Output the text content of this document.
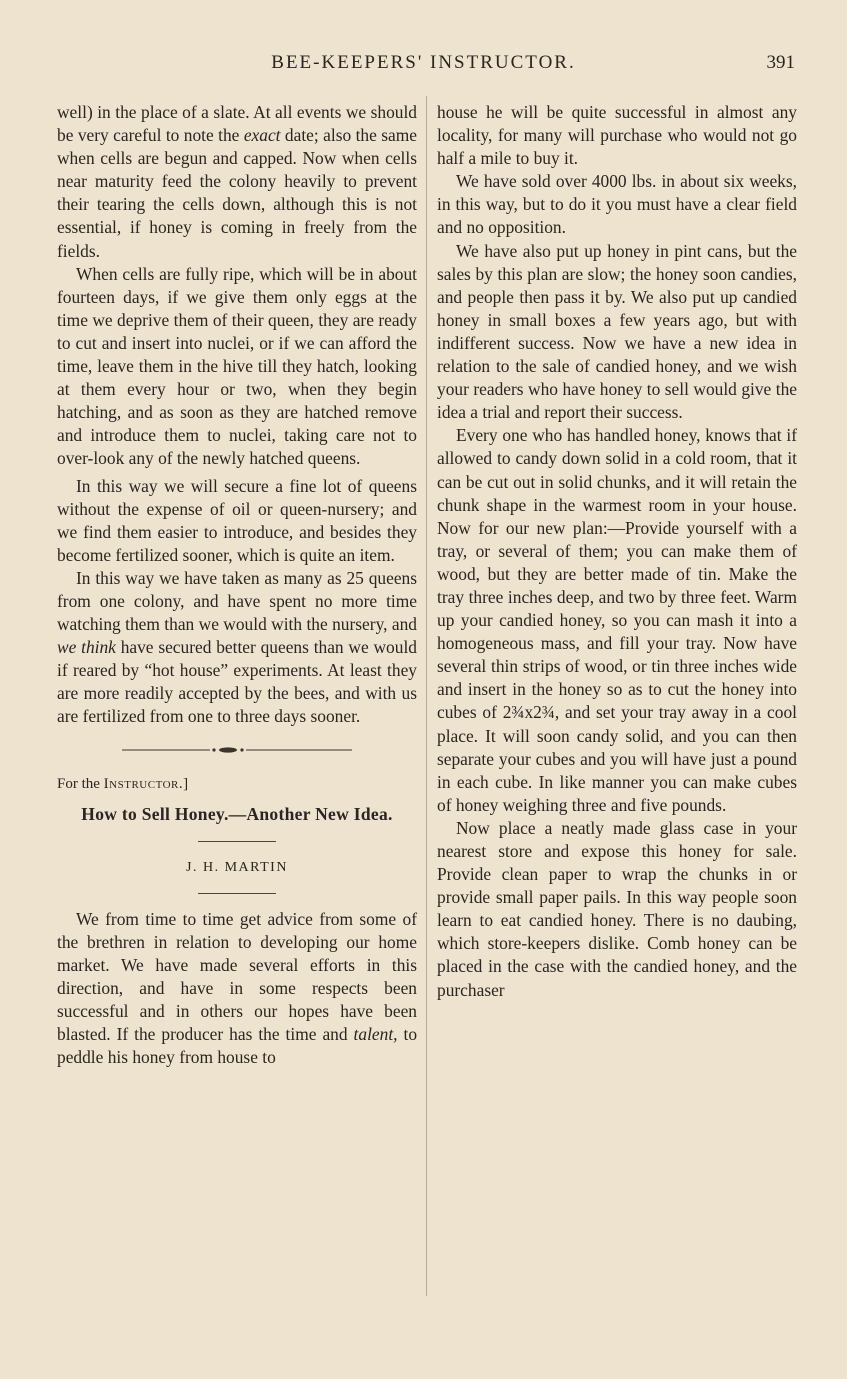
BEE-KEEPERS' INSTRUCTOR.	391

well) in the place of a slate. At all events we should be very careful to note the exact date; also the same when cells are begun and capped. Now when cells near maturity feed the colony heavily to prevent their tearing the cells down, although this is not essential, if honey is coming in freely from the fields.

When cells are fully ripe, which will be in about fourteen days, if we give them only eggs at the time we deprive them of their queen, they are ready to cut and insert into nuclei, or if we can afford the time, leave them in the hive till they hatch, looking at them every hour or two, when they begin hatching, and as soon as they are hatched remove and introduce them to nuclei, taking care not to over-look any of the newly hatched queens.

In this way we will secure a fine lot of queens without the expense of oil or queen-nursery; and we find them easier to introduce, and besides they become fertilized sooner, which is quite an item.

In this way we have taken as many as 25 queens from one colony, and have spent no more time watching them than we would with the nursery, and we think have secured better queens than we would if reared by “hot house” experiments. At least they are more readily accepted by the bees, and with us are fertilized from one to three days sooner.

For the Instructor.]

How to Sell Honey.—Another New Idea.

J. H. MARTIN

We from time to time get advice from some of the brethren in relation to developing our home market. We have made several efforts in this direction, and have in some respects been successful and in others our hopes have been blasted. If the producer has the time and talent, to peddle his honey from house to

house he will be quite successful in almost any locality, for many will purchase who would not go half a mile to buy it.

We have sold over 4000 lbs. in about six weeks, in this way, but to do it you must have a clear field and no opposition.

We have also put up honey in pint cans, but the sales by this plan are slow; the honey soon candies, and people then pass it by. We also put up candied honey in small boxes a few years ago, but with indifferent success. Now we have a new idea in relation to the sale of candied honey, and we wish your readers who have honey to sell would give the idea a trial and report their success.

Every one who has handled honey, knows that if allowed to candy down solid in a cold room, that it can be cut out in solid chunks, and it will retain the chunk shape in the warmest room in your house. Now for our new plan:—Provide yourself with a tray, or several of them; you can make them of wood, but they are better made of tin. Make the tray three inches deep, and two by three feet. Warm up your candied honey, so you can mash it into a homogeneous mass, and fill your tray. Now have several thin strips of wood, or tin three inches wide and insert in the honey so as to cut the honey into cubes of 2¾x2¾, and set your tray away in a cool place. It will soon candy solid, and you can then separate your cubes and you will have just a pound in each cube. In like manner you can make cubes of honey weighing three and five pounds.

Now place a neatly made glass case in your nearest store and expose this honey for sale. Provide clean paper to wrap the chunks in or provide small paper pails. In this way people soon learn to eat candied honey. There is no daubing, which store-keepers dislike. Comb honey can be placed in the case with the candied honey, and the purchaser
